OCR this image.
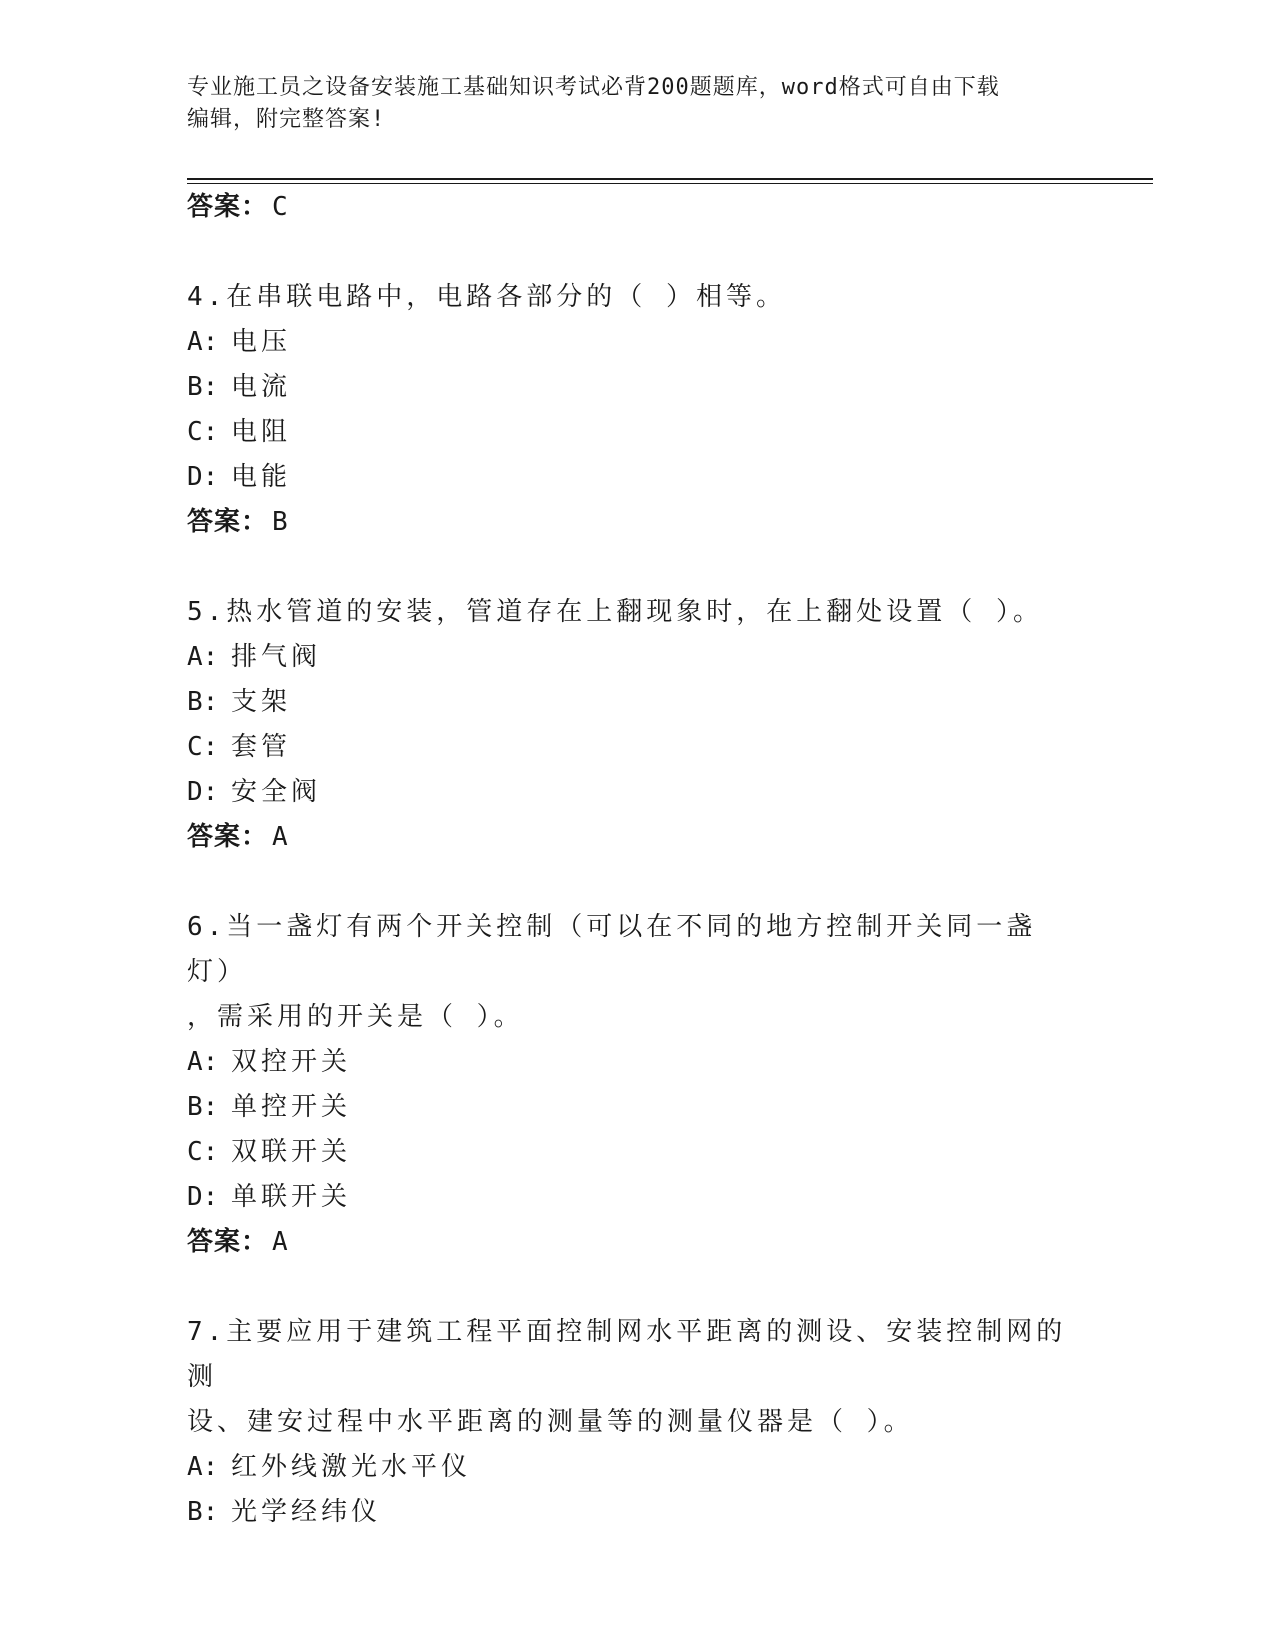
专业施工员之设备安装施工基础知识考试必背200题题库，word格式可自由下载
编辑，附完整答案!
答案： C
4.在串联电路中，电路各部分的（ ）相等。
A: 电压
B: 电流
C: 电阻
D: 电能
答案： B
5.热水管道的安装，管道存在上翻现象时，在上翻处设置（ ）。
A: 排气阀
B: 支架
C: 套管
D: 安全阀
答案： A
6.当一盏灯有两个开关控制（可以在不同的地方控制开关同一盏灯）
，需采用的开关是（ ）。
A: 双控开关
B: 单控开关
C: 双联开关
D: 单联开关
答案： A
7.主要应用于建筑工程平面控制网水平距离的测设、安装控制网的测
设、建安过程中水平距离的测量等的测量仪器是（ ）。
A: 红外线激光水平仪
B: 光学经纬仪
